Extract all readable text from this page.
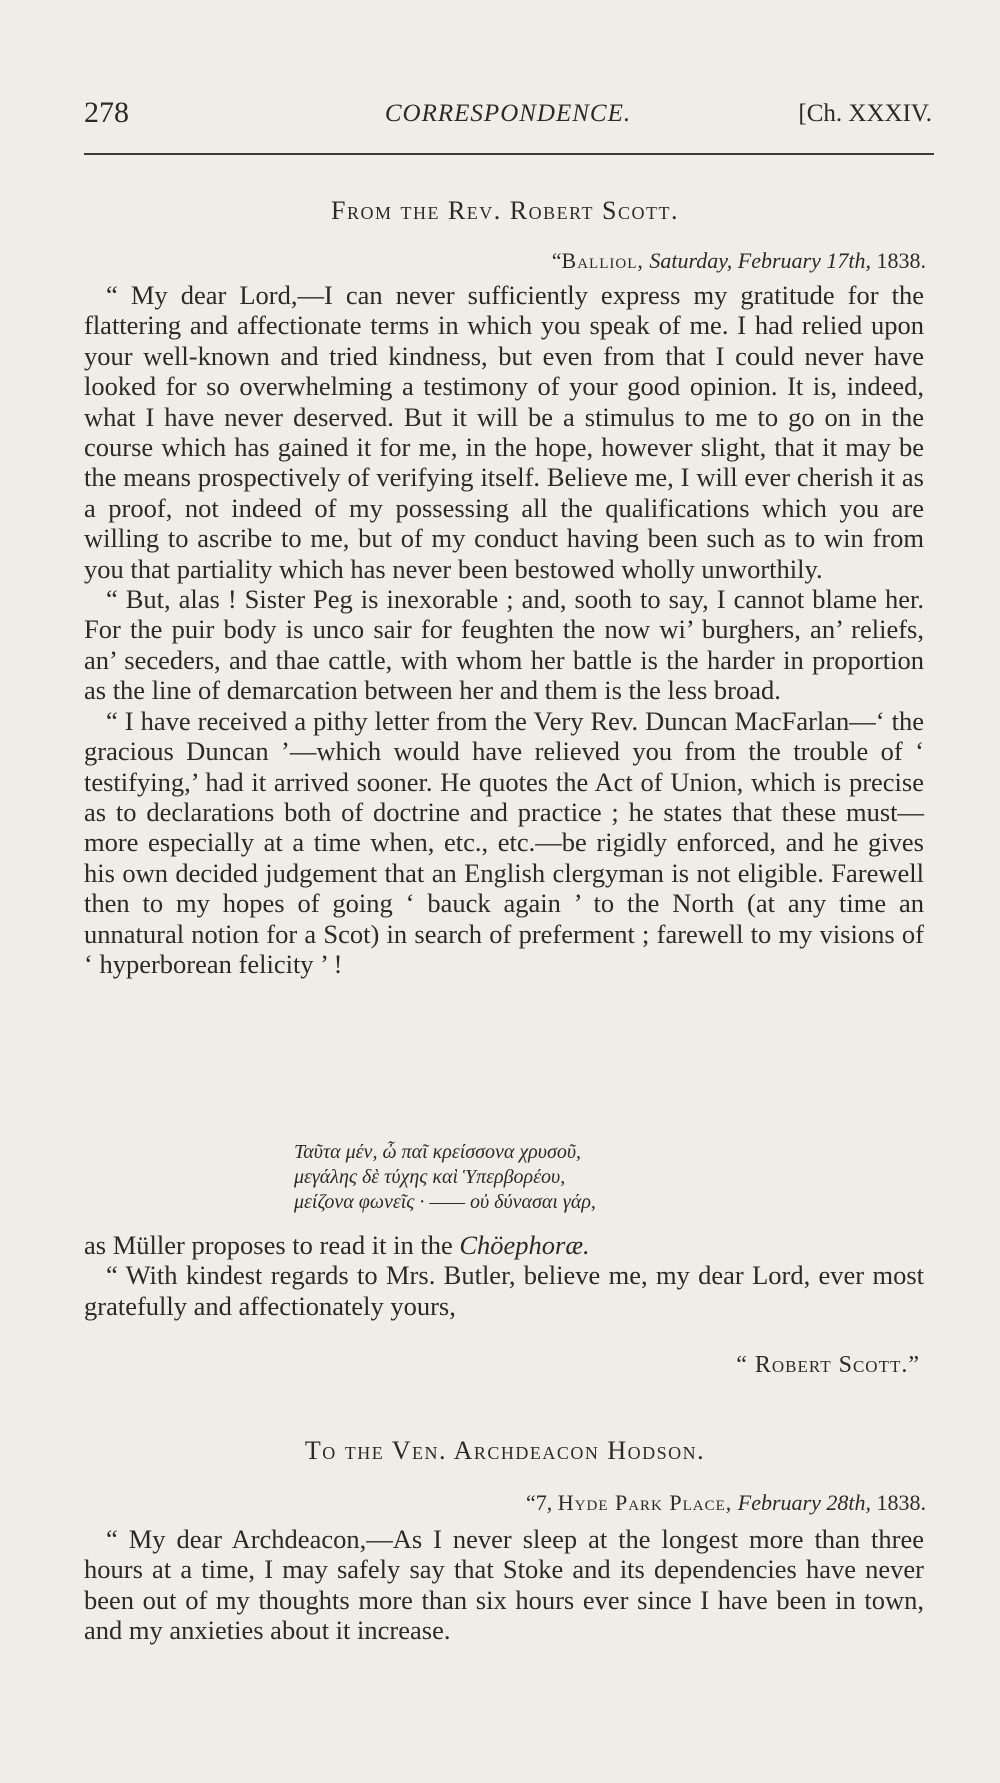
278	CORRESPONDENCE.	[Ch. XXXIV.
From the Rev. Robert Scott.
“Balliol, Saturday, February 17th, 1838.

“ My dear Lord,—I can never sufficiently express my gratitude for the flattering and affectionate terms in which you speak of me. I had relied upon your well-known and tried kindness, but even from that I could never have looked for so overwhelming a testimony of your good opinion. It is, indeed, what I have never deserved. But it will be a stimulus to me to go on in the course which has gained it for me, in the hope, however slight, that it may be the means prospectively of verifying itself. Believe me, I will ever cherish it as a proof, not indeed of my possessing all the qualifications which you are willing to ascribe to me, but of my conduct having been such as to win from you that partiality which has never been bestowed wholly unworthily.

“ But, alas ! Sister Peg is inexorable ; and, sooth to say, I cannot blame her. For the puir body is unco sair for feughten the now wi’ burghers, an’ reliefs, an’ seceders, and thae cattle, with whom her battle is the harder in proportion as the line of demarcation between her and them is the less broad.

“ I have received a pithy letter from the Very Rev. Duncan MacFarlan—‘ the gracious Duncan ’—which would have relieved you from the trouble of ‘ testifying,’ had it arrived sooner. He quotes the Act of Union, which is precise as to declarations both of doctrine and practice ; he states that these must—more especially at a time when, etc., etc.—be rigidly enforced, and he gives his own decided judgement that an English clergyman is not eligible. Farewell then to my hopes of going ‘ bauck again ’ to the North (at any time an unnatural notion for a Scot) in search of preferment ; farewell to my visions of ‘ hyperborean felicity ’ !

Ταῦτα μέν, ὦ παῖ κρείσσονα χρυσοῦ,
μεγάλης δὲ τύχης καὶ Ὑπερβορέου,
μείζονα φωνεῖς · —— οὐ δύνασαι γάρ,

as Müller proposes to read it in the Chöephoræ.

“ With kindest regards to Mrs. Butler, believe me, my dear Lord, ever most gratefully and affectionately yours,

“ Robert Scott.”
To the Ven. Archdeacon Hodson.
“7, Hyde Park Place, February 28th, 1838.

“ My dear Archdeacon,—As I never sleep at the longest more than three hours at a time, I may safely say that Stoke and its dependencies have never been out of my thoughts more than six hours ever since I have been in town, and my anxieties about it increase.
